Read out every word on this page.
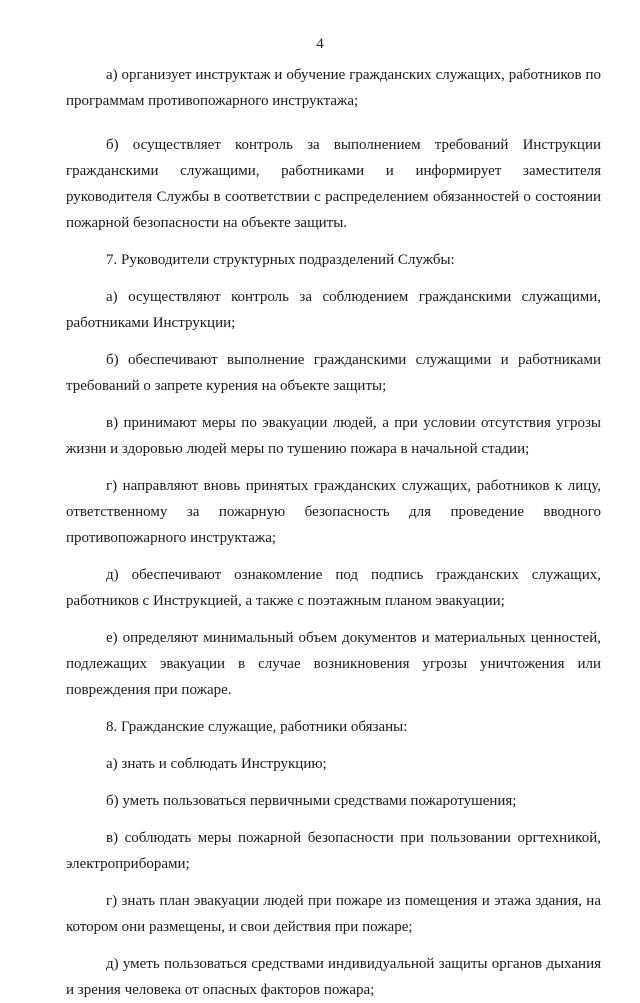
4

а) организует инструктаж и обучение гражданских служащих, работников по программам противопожарного инструктажа;

б) осуществляет контроль за выполнением требований Инструкции гражданскими служащими, работниками и информирует заместителя руководителя Службы в соответствии с распределением обязанностей о состоянии пожарной безопасности на объекте защиты.

7. Руководители структурных подразделений Службы:

а) осуществляют контроль за соблюдением гражданскими служащими, работниками Инструкции;

б) обеспечивают выполнение гражданскими служащими и работниками требований о запрете курения на объекте защиты;

в) принимают меры по эвакуации людей, а при условии отсутствия угрозы жизни и здоровью людей меры по тушению пожара в начальной стадии;

г) направляют вновь принятых гражданских служащих, работников к лицу, ответственному за пожарную безопасность для проведение вводного противопожарного инструктажа;

д) обеспечивают ознакомление под подпись гражданских служащих, работников с Инструкцией, а также с поэтажным планом эвакуации;

е) определяют минимальный объем документов и материальных ценностей, подлежащих эвакуации в случае возникновения угрозы уничтожения или повреждения при пожаре.

8. Гражданские служащие, работники обязаны:

а) знать и соблюдать Инструкцию;

б) уметь пользоваться первичными средствами пожаротушения;

в) соблюдать меры пожарной безопасности при пользовании оргтехникой, электроприборами;

г) знать план эвакуации людей при пожаре из помещения и этажа здания, на котором они размещены, и свои действия при пожаре;

д) уметь пользоваться средствами индивидуальной защиты органов дыхания и зрения человека от опасных факторов пожара;
